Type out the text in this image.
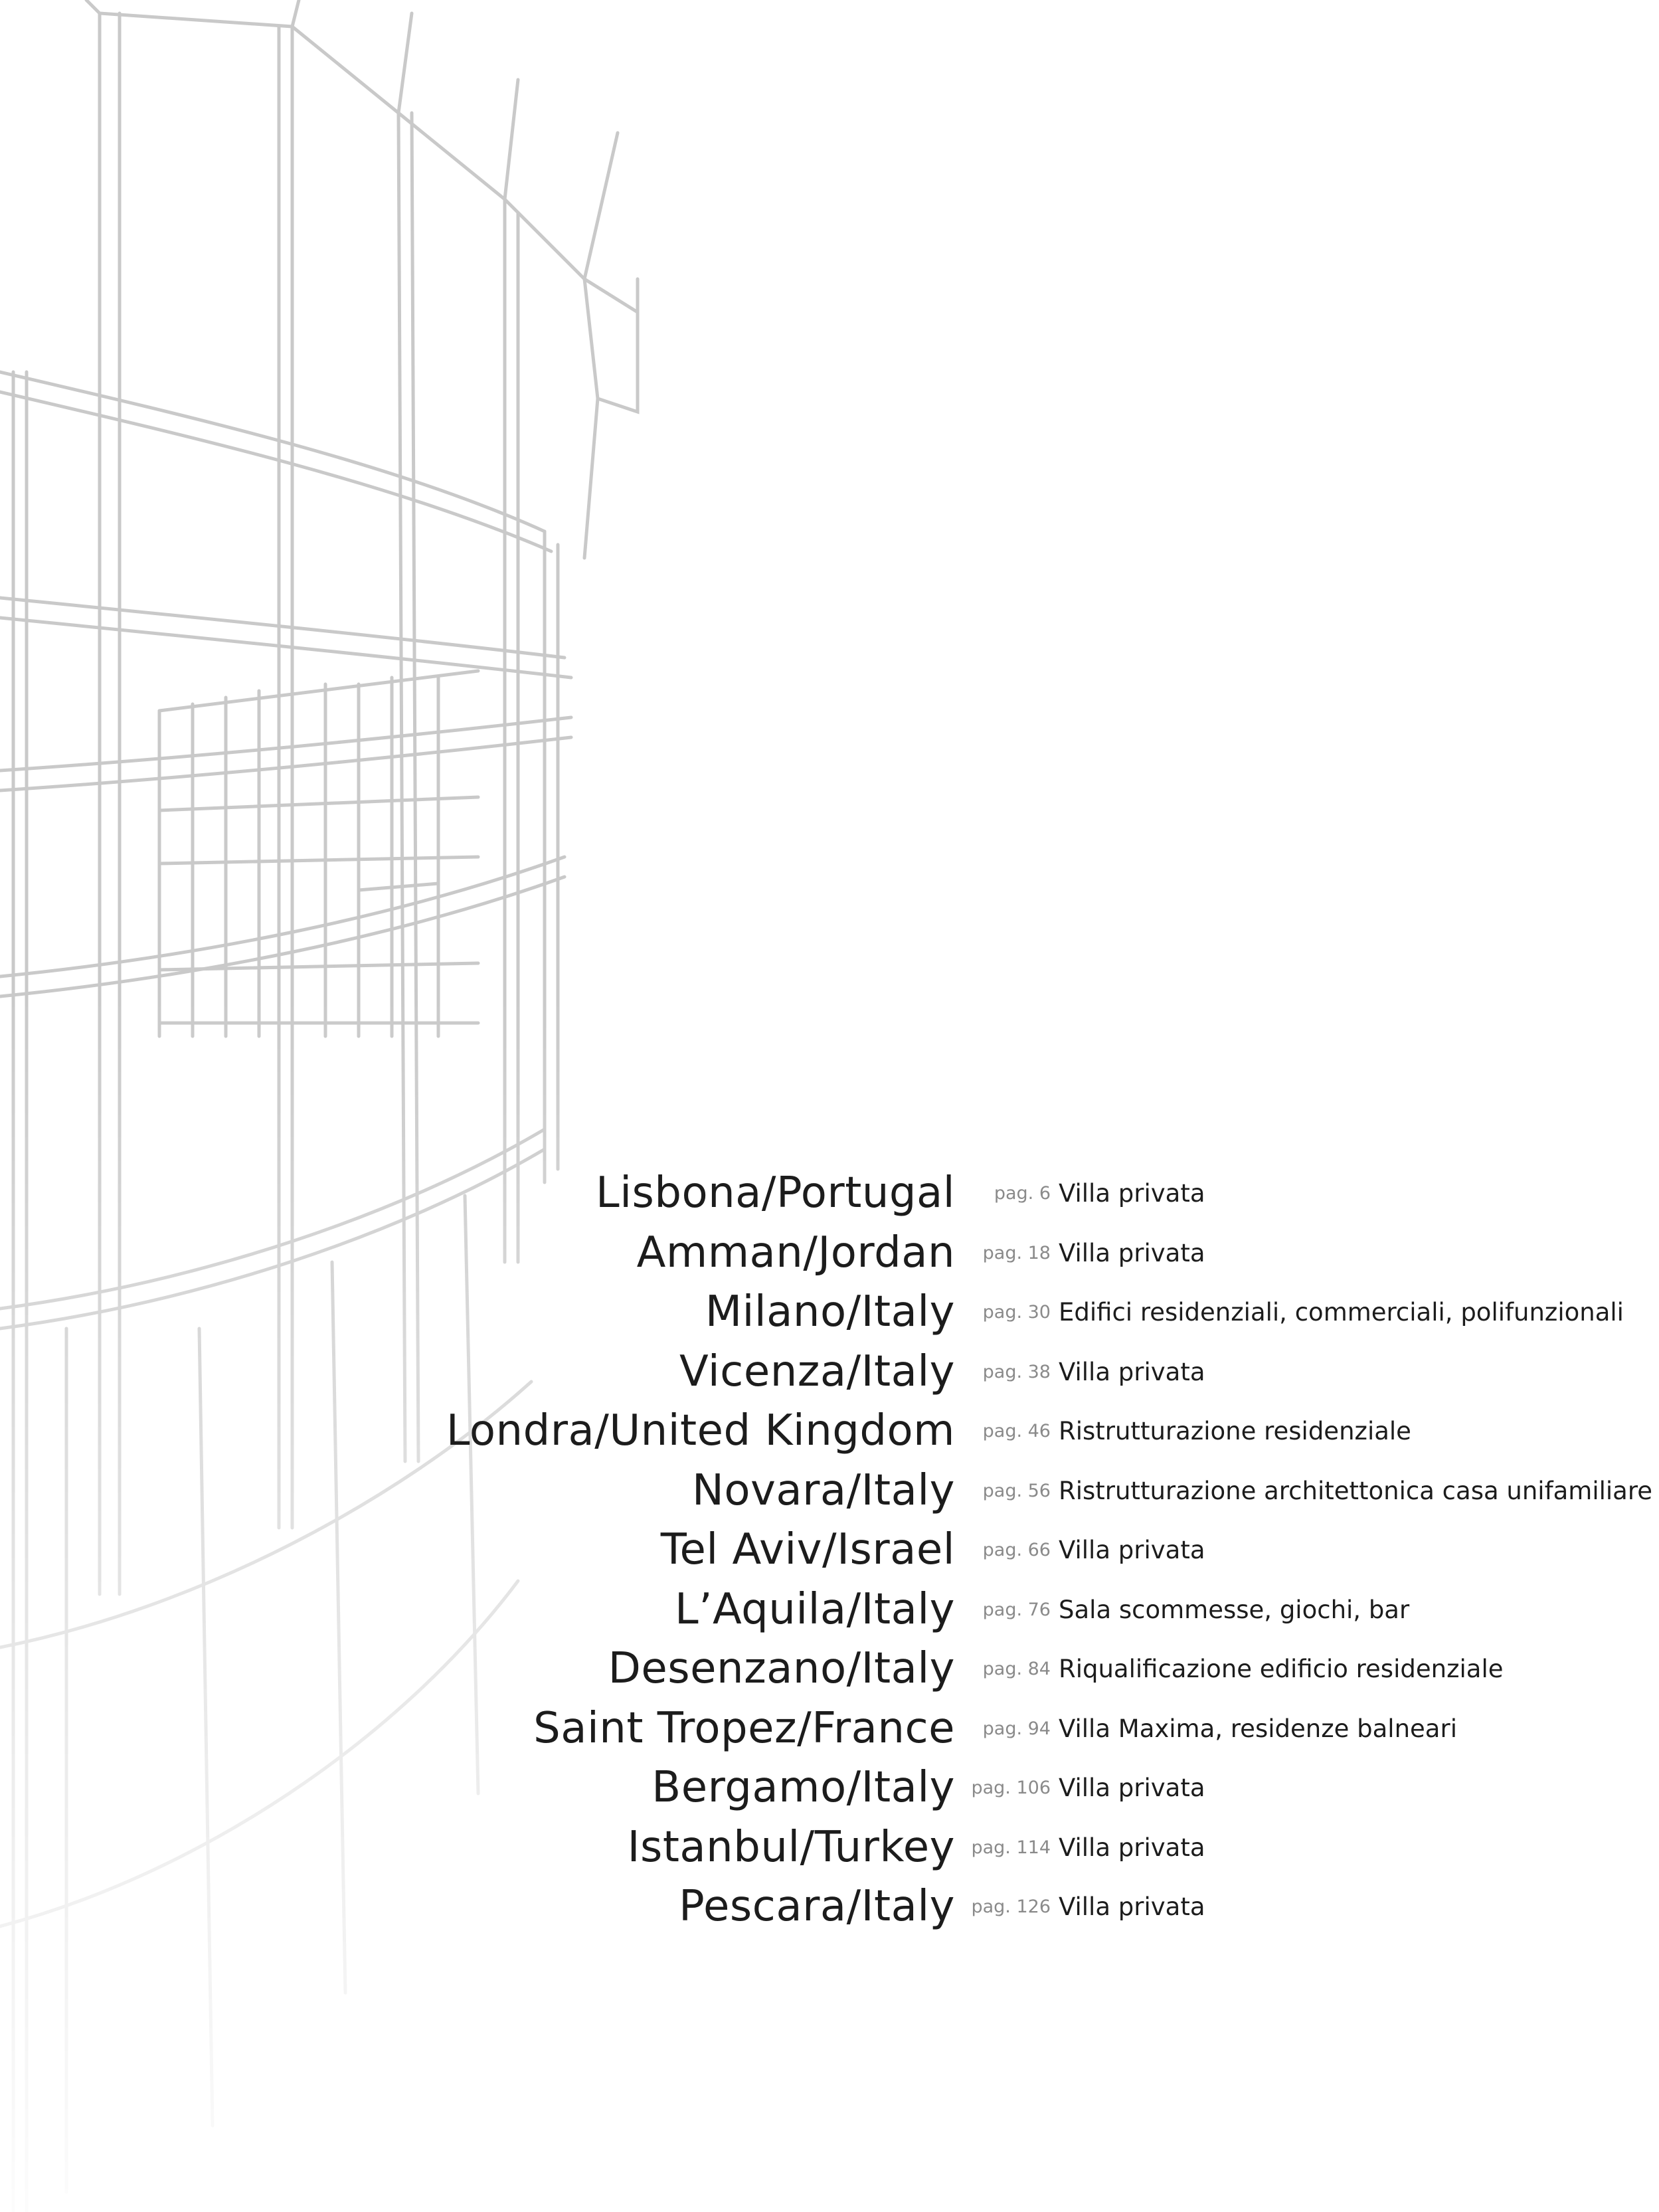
Lisbona/Portugal	pag. 6 Villa privata
Amman/Jordan	pag. 18 Villa privata
Milano/Italy	pag. 30 Edifici residenziali, commerciali, polifunzionali
Vicenza/Italy	pag. 38 Villa privata
Londra/United Kingdom	pag. 46 Ristrutturazione residenziale
Novara/Italy	pag. 56 Ristrutturazione architettonica casa unifamiliare
Tel Aviv/Israel	pag. 66 Villa privata
L’Aquila/Italy	pag. 76 Sala scommesse, giochi, bar
Desenzano/Italy	pag. 84 Riqualificazione edificio residenziale
Saint Tropez/France	pag. 94 Villa Maxima, residenze balneari
Bergamo/Italy pag. 106 Villa privata
Istanbul/Turkey pag. 114 Villa privata
Pescara/Italy pag. 126 Villa privata
